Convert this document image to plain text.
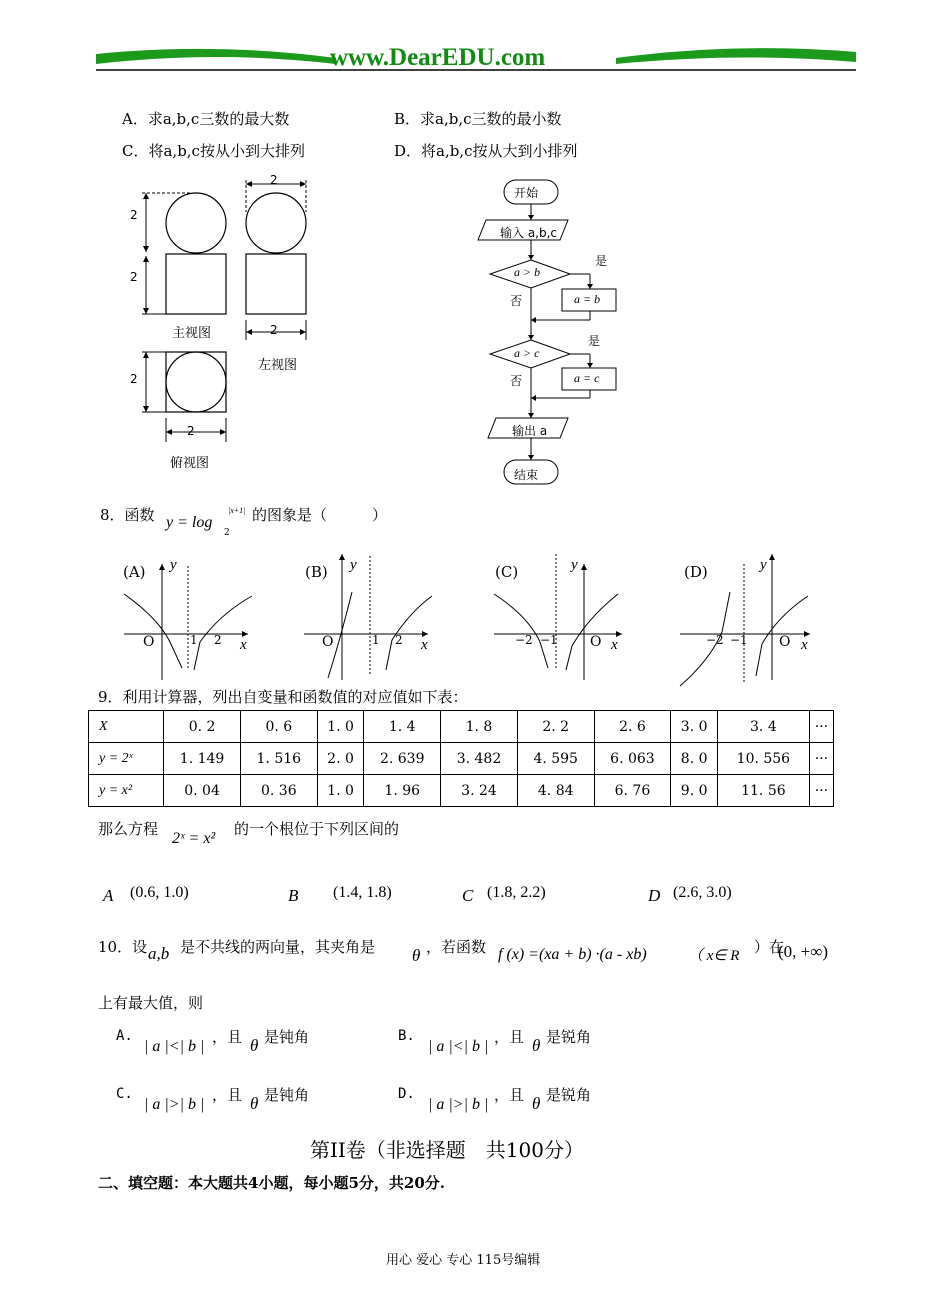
www.DearEDU.com
A．求a,b,c三数的最大数	B．求a,b,c三数的最小数
C．将a,b,c按从小到大排列	D．将a,b,c按从大到小排列
2
2
2
2
2
2
主视图
左视图
俯视图
开始
输入 a,b,c
a > b
是
否	a = b
a > c
是
否	a = c
输出 a
结束
8．函数 y = log
|x+1|
2
的图象是（　　　）
(A) y
x
O	1 2
(B) y
x
O	1 2
(C)	y
x
−2 −1 O
(D)	y
x
−2 −1 O
9．利用计算器，列出自变量和函数值的对应值如下表：
X	0. 2	0. 6	1. 0	1. 4	1. 8	2. 2	2. 6	3. 0	3. 4	···
y = 2ˣ	1. 149	1. 516	2. 0	2. 639	3. 482	4. 595	6. 063	8. 0	10. 556	···
y = x²	0. 04	0. 36	1. 0	1. 96	3. 24	4. 84	6. 76	9. 0	11. 56	···
那么方程
2ˣ = x²
的一个根位于下列区间的
A (0.6, 1.0)	B (1.4, 1.8)	C (1.8, 2.2)	D (2.6, 3.0)
10．设 a,b 是不共线的两向量，其夹角是 θ ，若函数 f (x) =(xa + b) ·(a - xb)	（ x∈ R ）在
(0, +∞)
上有最大值，则
A.
| a |<| b |
，且 θ 是钝角	B.
| a |<| b |
，且 θ 是锐角
C.
| a |>| b |
，且 θ 是钝角	D.
| a |>| b |
，且 θ 是锐角
第II卷（非选择题　共100分）
二、填空题：本大题共4小题，每小题5分，共20分.
用心 爱心 专心 115号编辑
